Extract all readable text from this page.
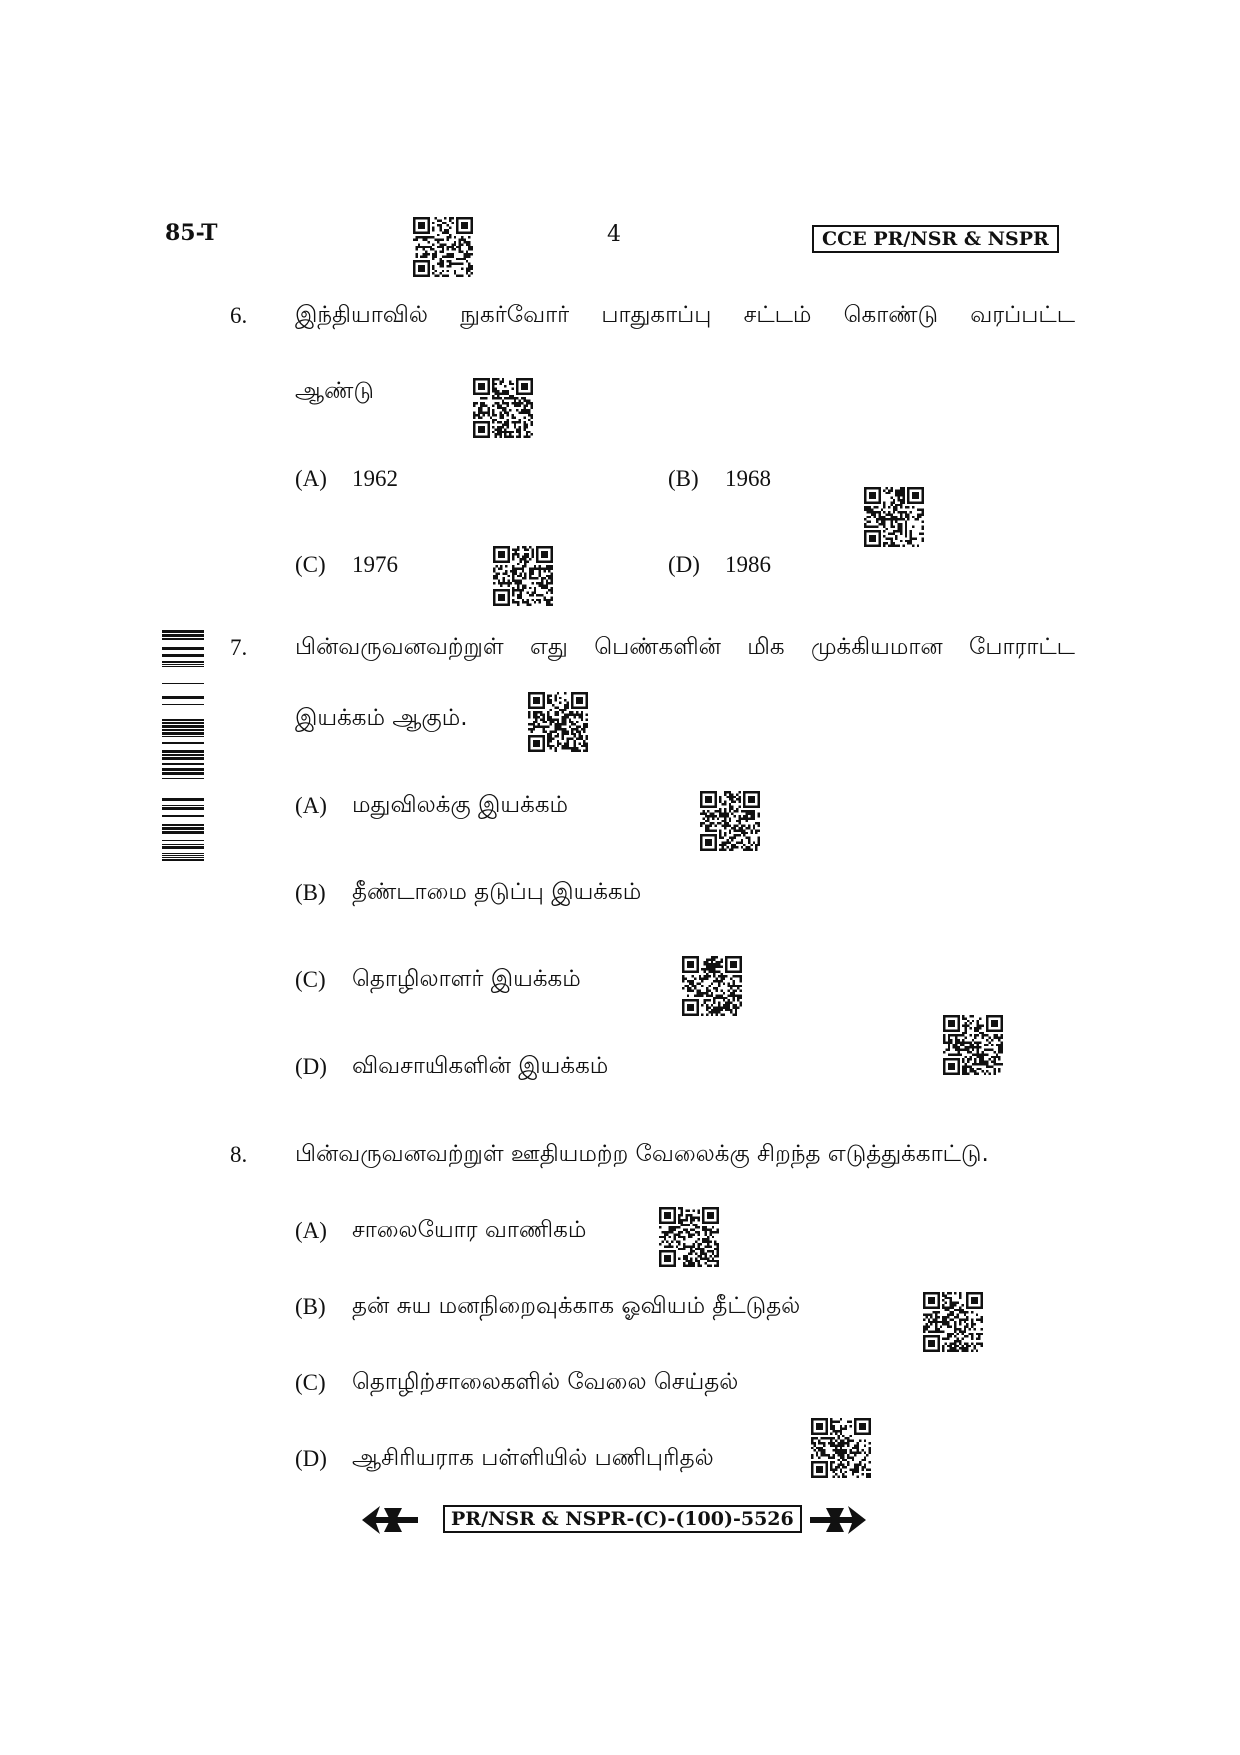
85-T	4	CCE PR/NSR & NSPR
6. இந்தியாவில் நுகர்வோர் பாதுகாப்பு சட்டம் கொண்டு வரப்பட்ட
ஆண்டு
(A) 1962	(B) 1968
(C) 1976	(D) 1986
7. பின்வருவனவற்றுள் எது பெண்களின் மிக முக்கியமான போராட்ட
இயக்கம் ஆகும்.
(A) மதுவிலக்கு இயக்கம்
(B) தீண்டாமை தடுப்பு இயக்கம்
(C) தொழிலாளர் இயக்கம்
(D) விவசாயிகளின் இயக்கம்
8. பின்வருவனவற்றுள் ஊதியமற்ற வேலைக்கு சிறந்த எடுத்துக்காட்டு.
(A) சாலையோர வாணிகம்
(B) தன் சுய மனநிறைவுக்காக ஓவியம் தீட்டுதல்
(C) தொழிற்சாலைகளில் வேலை செய்தல்
(D) ஆசிரியராக பள்ளியில் பணிபுரிதல்
PR/NSR & NSPR-(C)-(100)-5526
